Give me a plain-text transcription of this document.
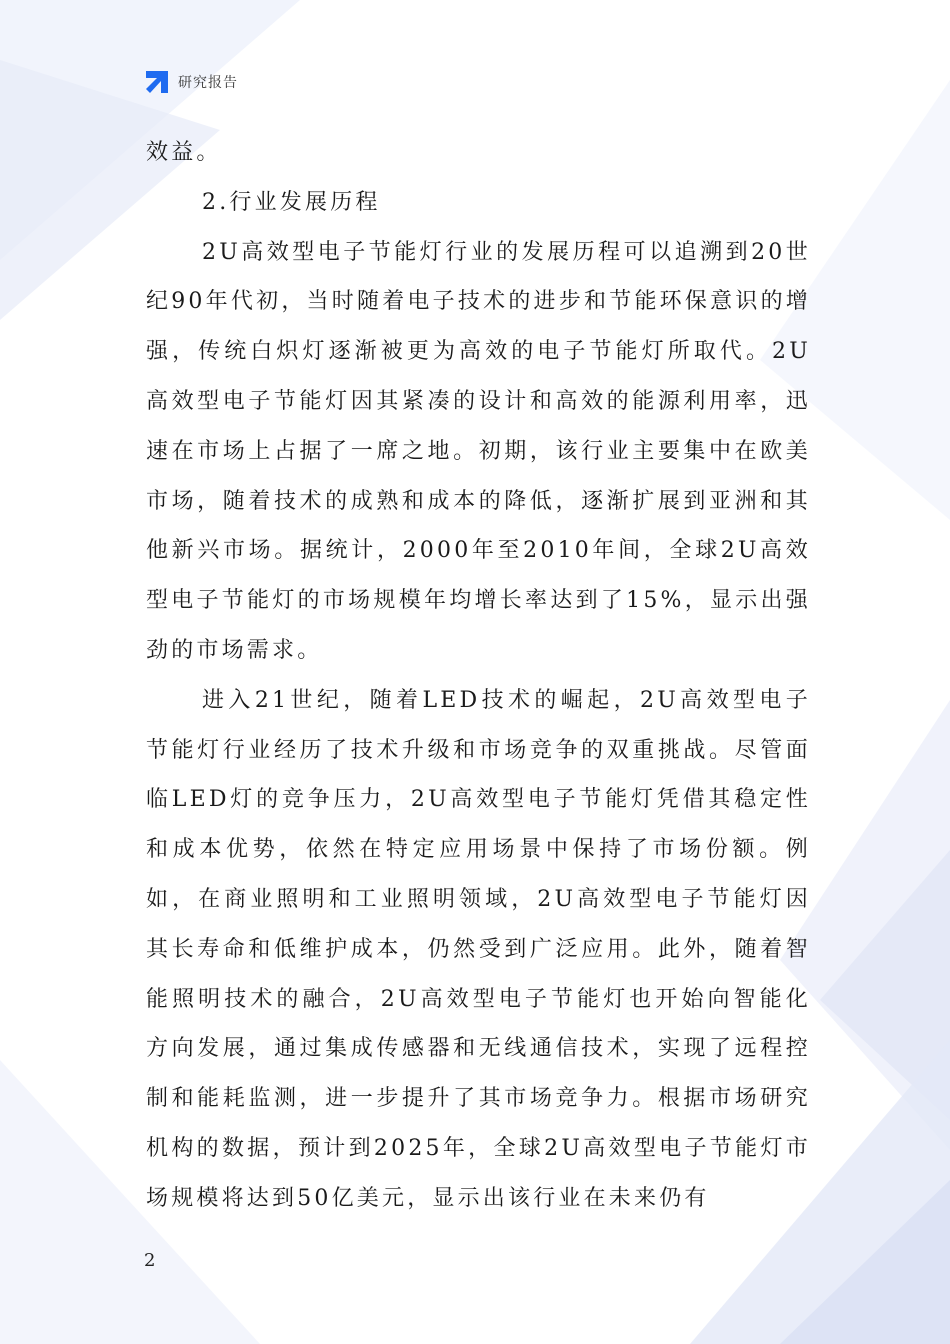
研究报告

效益。

2.行业发展历程

2U高效型电子节能灯行业的发展历程可以追溯到20世纪90年代初，当时随着电子技术的进步和节能环保意识的增强，传统白炽灯逐渐被更为高效的电子节能灯所取代。2U高效型电子节能灯因其紧凑的设计和高效的能源利用率，迅速在市场上占据了一席之地。初期，该行业主要集中在欧美市场，随着技术的成熟和成本的降低，逐渐扩展到亚洲和其他新兴市场。据统计，2000年至2010年间，全球2U高效型电子节能灯的市场规模年均增长率达到了15%，显示出强劲的市场需求。

进入21世纪，随着LED技术的崛起，2U高效型电子节能灯行业经历了技术升级和市场竞争的双重挑战。尽管面临LED灯的竞争压力，2U高效型电子节能灯凭借其稳定性和成本优势，依然在特定应用场景中保持了市场份额。例如，在商业照明和工业照明领域，2U高效型电子节能灯因其长寿命和低维护成本，仍然受到广泛应用。此外，随着智能照明技术的融合，2U高效型电子节能灯也开始向智能化方向发展，通过集成传感器和无线通信技术，实现了远程控制和能耗监测，进一步提升了其市场竞争力。根据市场研究机构的数据，预计到2025年，全球2U高效型电子节能灯市场规模将达到50亿美元，显示出该行业在未来仍有

2
